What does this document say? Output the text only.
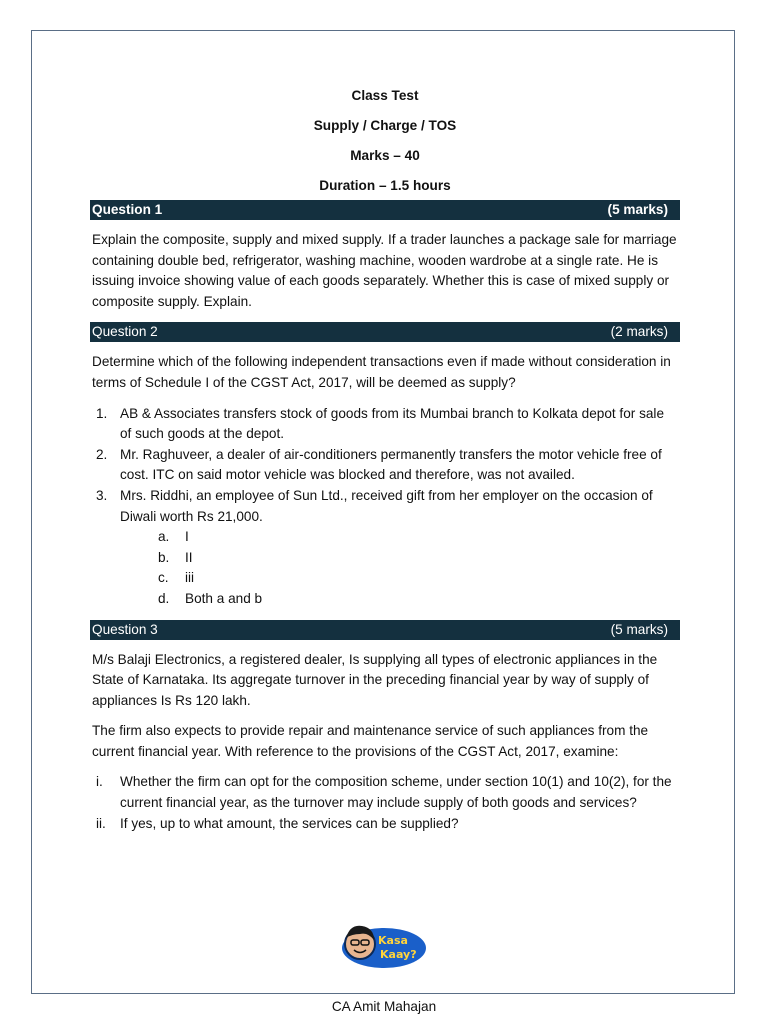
Class Test
Supply / Charge / TOS
Marks – 40
Duration – 1.5 hours
Question 1	(5 marks)
Explain the composite, supply and mixed supply. If a trader launches a package sale for marriage containing double bed, refrigerator, washing machine, wooden wardrobe at a single rate. He is issuing invoice showing value of each goods separately. Whether this is case of mixed supply or composite supply. Explain.
Question 2	(2 marks)
Determine which of the following independent transactions even if made without consideration in terms of Schedule I of the CGST Act, 2017, will be deemed as supply?
1. AB & Associates transfers stock of goods from its Mumbai branch to Kolkata depot for sale of such goods at the depot.
2. Mr. Raghuveer, a dealer of air-conditioners permanently transfers the motor vehicle free of cost. ITC on said motor vehicle was blocked and therefore, was not availed.
3. Mrs. Riddhi, an employee of Sun Ltd., received gift from her employer on the occasion of Diwali worth Rs 21,000.
a.	I
b.	II
c.	iii
d.	Both a and b
Question 3	(5 marks)
M/s Balaji Electronics, a registered dealer, Is supplying all types of electronic appliances in the State of Karnataka. Its aggregate turnover in the preceding financial year by way of supply of appliances Is Rs 120 lakh.
The firm also expects to provide repair and maintenance service of such appliances from the current financial year. With reference to the provisions of the CGST Act, 2017, examine:
i.	Whether the firm can opt for the composition scheme, under section 10(1) and 10(2), for the current financial year, as the turnover may include supply of both goods and services?
ii.	If yes, up to what amount, the services can be supplied?
Kasa
Kaay?
CA Amit Mahajan
